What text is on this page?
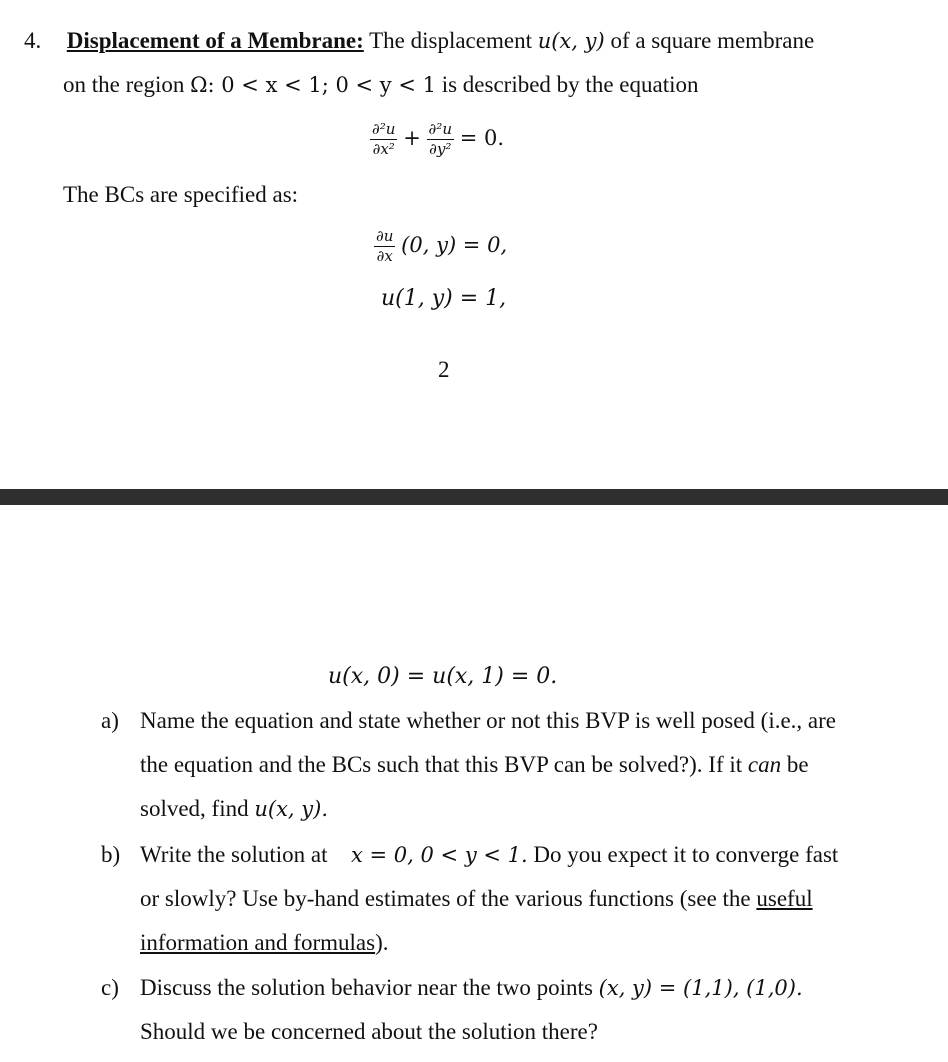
4. Displacement of a Membrane: The displacement u(x, y) of a square membrane
on the region Ω: 0 < x < 1; 0 < y < 1 is described by the equation
$\frac{\text{∂²u}}{\text{∂x²}} + \frac{\text{∂²u}}{\text{∂y²}} = 0$.
The BCs are specified as:
$\frac{\partial u}{\partial x} (0$, y) = 0,
u(1, y) = 1,
2
u(x, 0) = u(x, 1) = 0.
a) Name the equation and state whether or not this BVP is well posed (i.e., are
the equation and the BCs such that this BVP can be solved?). If it can be
solved, find u(x, y).
b) Write the solution at x = 0, 0 < y < 1. Do you expect it to converge fast
or slowly? Use by-hand estimates of the various functions (see the useful
information and formulas).
c) Discuss the solution behavior near the two points (x, y) = (1,1), (1,0).
Should we be concerned about the solution there?
